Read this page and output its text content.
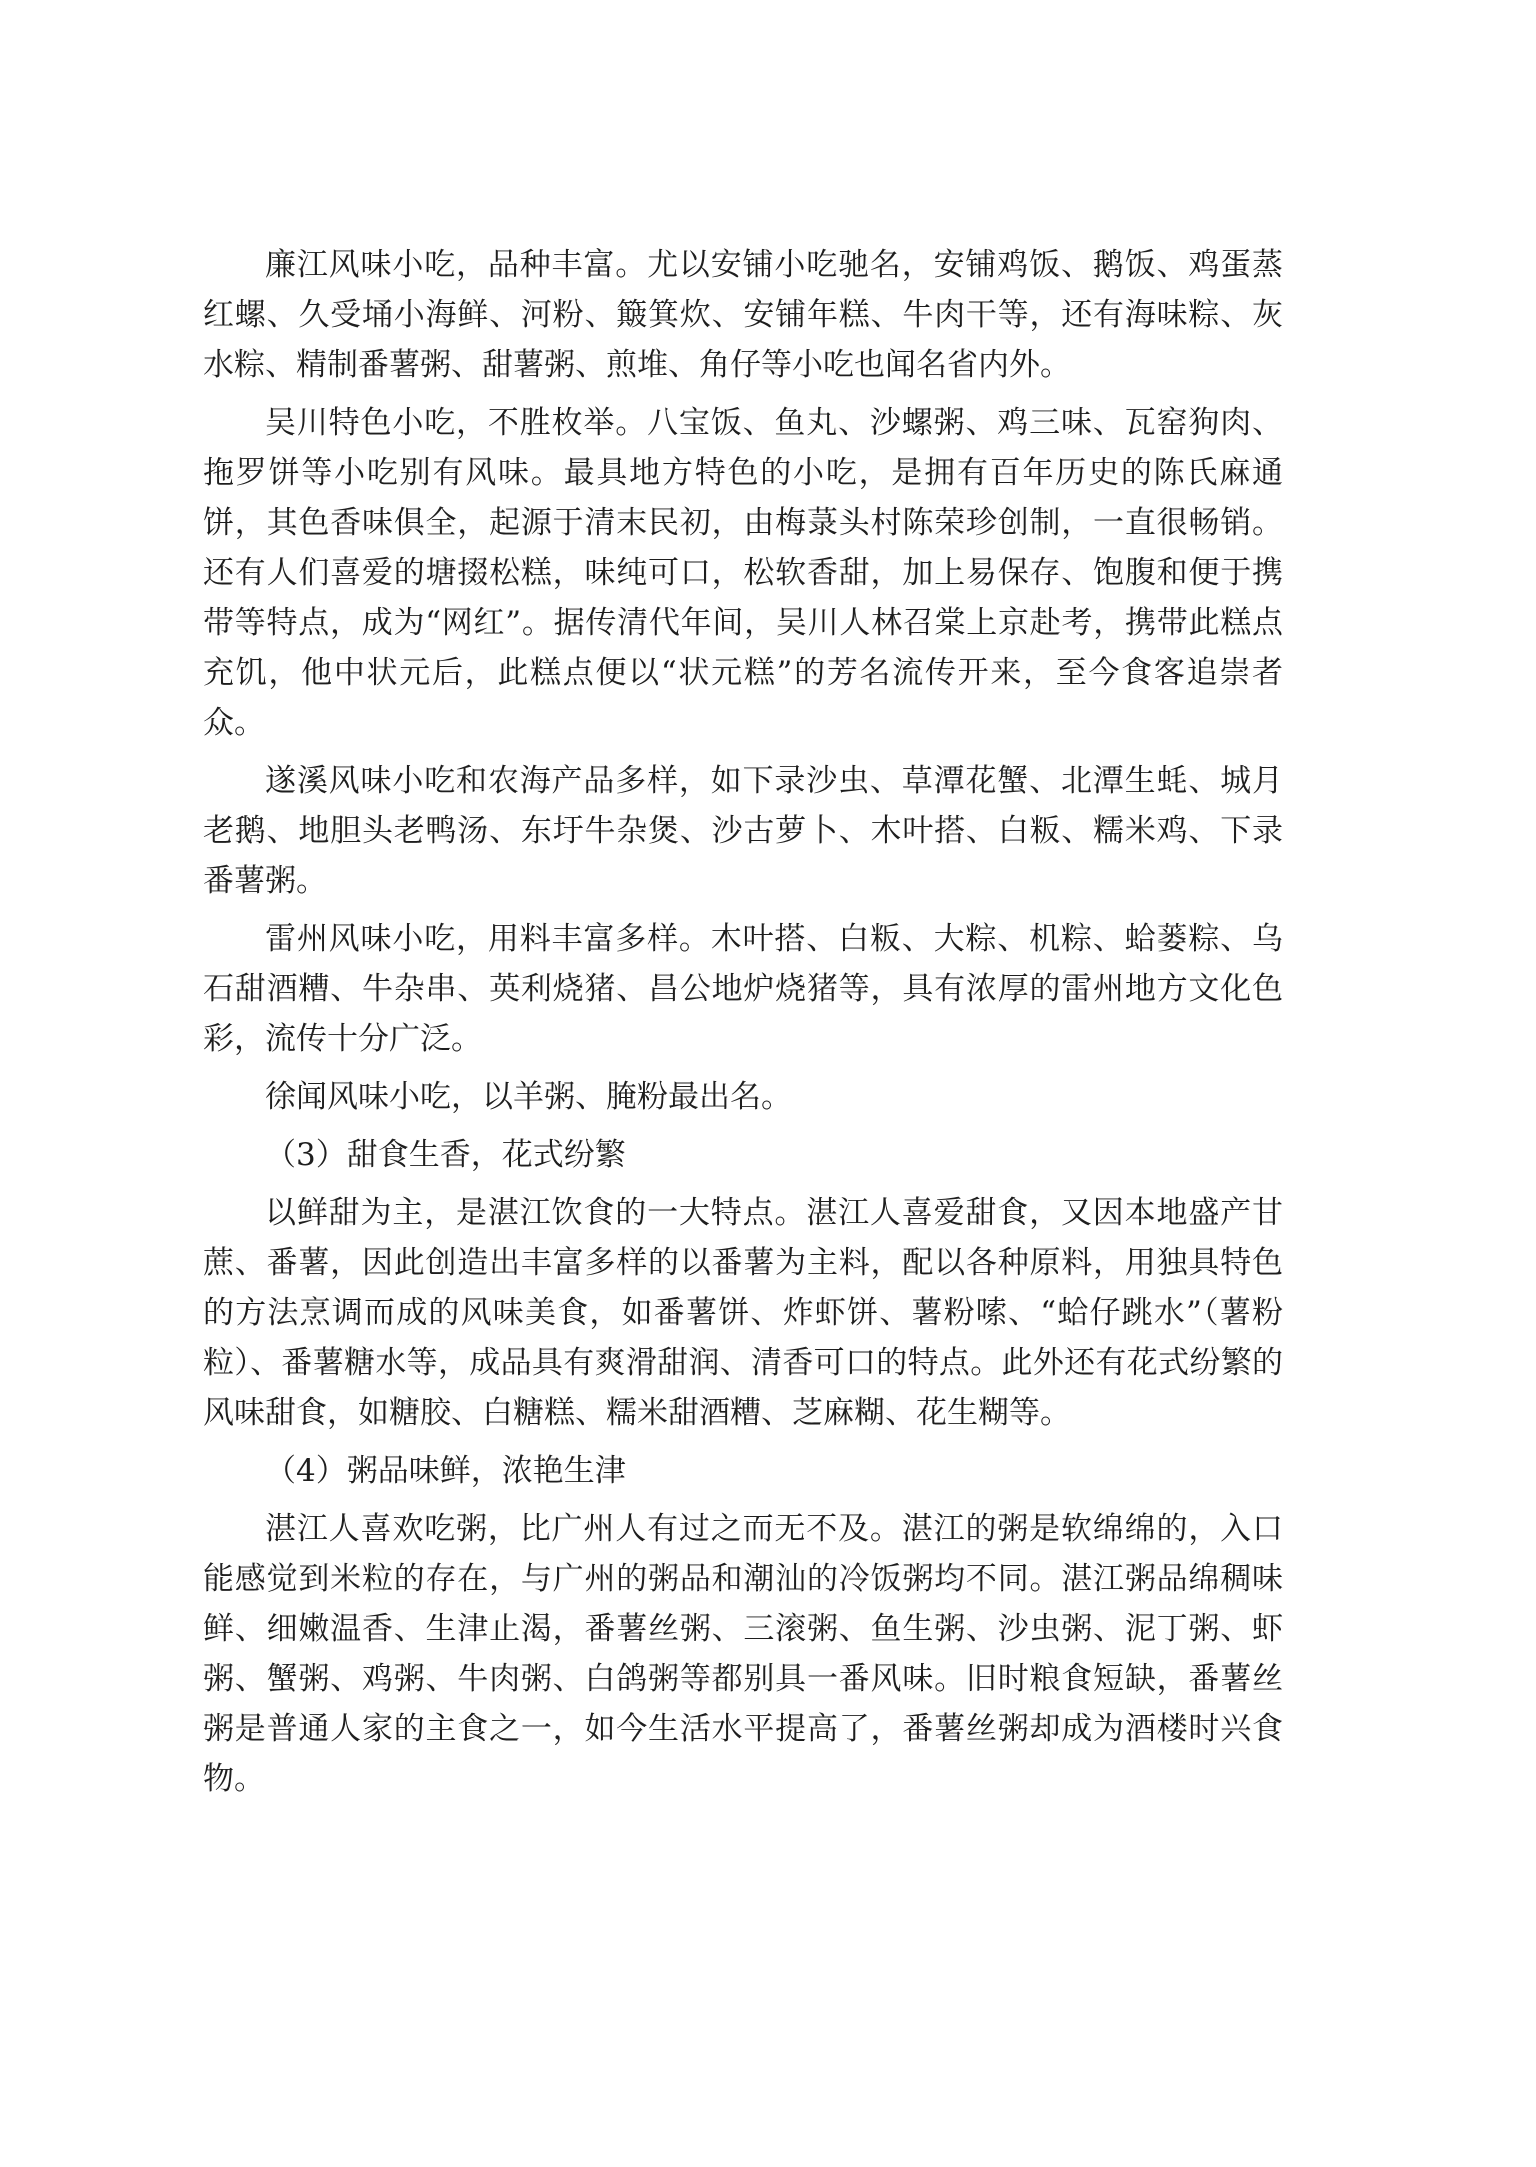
廉江风味小吃，品种丰富。尤以安铺小吃驰名，安铺鸡饭、鹅饭、鸡蛋蒸红螺、久受埇小海鲜、河粉、簸箕炊、安铺年糕、牛肉干等，还有海味粽、灰水粽、精制番薯粥、甜薯粥、煎堆、角仔等小吃也闻名省内外。

吴川特色小吃，不胜枚举。八宝饭、鱼丸、沙螺粥、鸡三味、瓦窑狗肉、拖罗饼等小吃别有风味。最具地方特色的小吃，是拥有百年历史的陈氏麻通饼，其色香味俱全，起源于清末民初，由梅菉头村陈荣珍创制，一直很畅销。还有人们喜爱的塘掇松糕，味纯可口，松软香甜，加上易保存、饱腹和便于携带等特点，成为“网红”。据传清代年间，吴川人林召棠上京赴考，携带此糕点充饥，他中状元后，此糕点便以“状元糕”的芳名流传开来，至今食客追崇者众。

遂溪风味小吃和农海产品多样，如下录沙虫、草潭花蟹、北潭生蚝、城月老鹅、地胆头老鸭汤、东圩牛杂煲、沙古萝卜、木叶搭、白粄、糯米鸡、下录番薯粥。

雷州风味小吃，用料丰富多样。木叶搭、白粄、大粽、机粽、蛤蒌粽、乌石甜酒糟、牛杂串、英利烧猪、昌公地炉烧猪等，具有浓厚的雷州地方文化色彩，流传十分广泛。

徐闻风味小吃，以羊粥、腌粉最出名。

（3）甜食生香，花式纷繁

以鲜甜为主，是湛江饮食的一大特点。湛江人喜爱甜食，又因本地盛产甘蔗、番薯，因此创造出丰富多样的以番薯为主料，配以各种原料，用独具特色的方法烹调而成的风味美食，如番薯饼、炸虾饼、薯粉嗦、“蛤仔跳水”（薯粉粒）、番薯糖水等，成品具有爽滑甜润、清香可口的特点。此外还有花式纷繁的风味甜食，如糖胶、白糖糕、糯米甜酒糟、芝麻糊、花生糊等。

（4）粥品味鲜，浓艳生津

湛江人喜欢吃粥，比广州人有过之而无不及。湛江的粥是软绵绵的，入口能感觉到米粒的存在，与广州的粥品和潮汕的冷饭粥均不同。湛江粥品绵稠味鲜、细嫩温香、生津止渴，番薯丝粥、三滚粥、鱼生粥、沙虫粥、泥丁粥、虾粥、蟹粥、鸡粥、牛肉粥、白鸽粥等都别具一番风味。旧时粮食短缺，番薯丝粥是普通人家的主食之一，如今生活水平提高了，番薯丝粥却成为酒楼时兴食物。
